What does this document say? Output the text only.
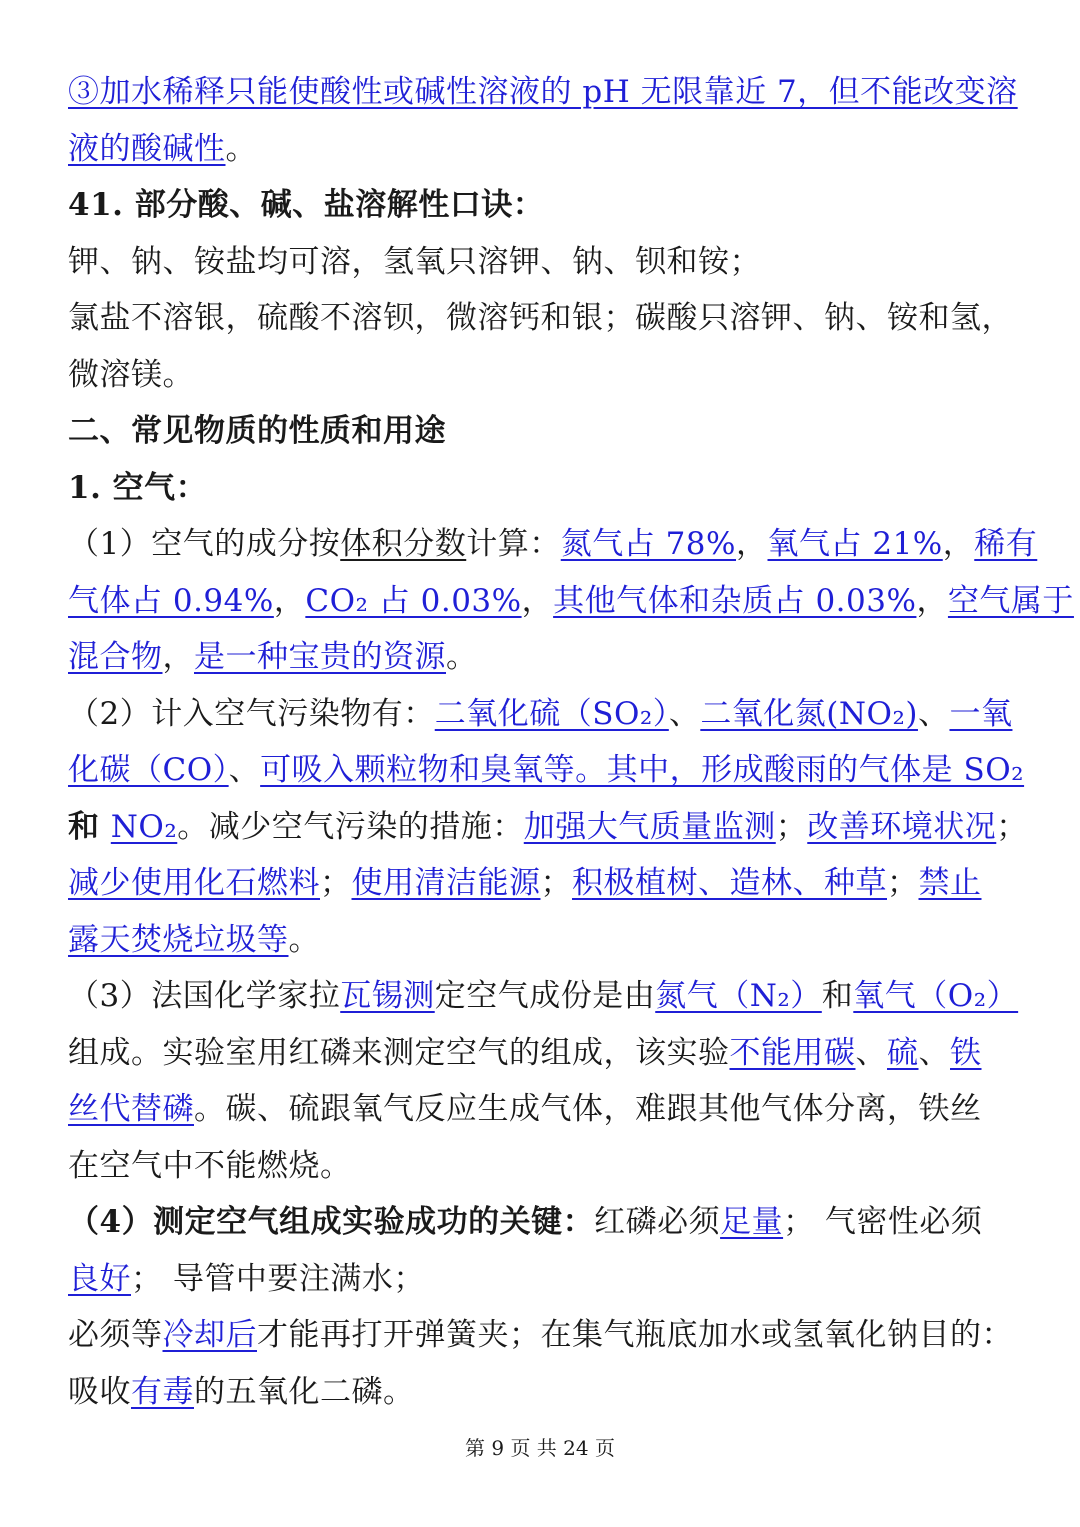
③加水稀释只能使酸性或碱性溶液的 pH 无限靠近 7，但不能改变溶
液的酸碱性。
41. 部分酸、碱、盐溶解性口诀：
钾、钠、铵盐均可溶，氢氧只溶钾、钠、钡和铵；
氯盐不溶银，硫酸不溶钡，微溶钙和银；碳酸只溶钾、钠、铵和氢，
微溶镁。
二、常见物质的性质和用途
1. 空气：
（1）空气的成分按体积分数计算：氮气占 78%，氧气占 21%，稀有
气体占 0.94%，CO₂ 占 0.03%，其他气体和杂质占 0.03%，空气属于
混合物，是一种宝贵的资源。
（2）计入空气污染物有：二氧化硫（SO₂）、二氧化氮(NO₂)、一氧
化碳（CO）、可吸入颗粒物和臭氧等。其中，形成酸雨的气体是 SO₂
和 NO₂。减少空气污染的措施：加强大气质量监测；改善环境状况；
减少使用化石燃料；使用清洁能源；积极植树、造林、种草；禁止
露天焚烧垃圾等。
（3）法国化学家拉瓦锡测定空气成份是由氮气（N₂）和氧气（O₂）
组成。实验室用红磷来测定空气的组成，该实验不能用碳、硫、铁
丝代替磷。碳、硫跟氧气反应生成气体，难跟其他气体分离，铁丝
在空气中不能燃烧。
（4）测定空气组成实验成功的关键：红磷必须足量； 气密性必须
良好； 导管中要注满水；
必须等冷却后才能再打开弹簧夹；在集气瓶底加水或氢氧化钠目的：
吸收有毒的五氧化二磷。
第 9 页 共 24 页
